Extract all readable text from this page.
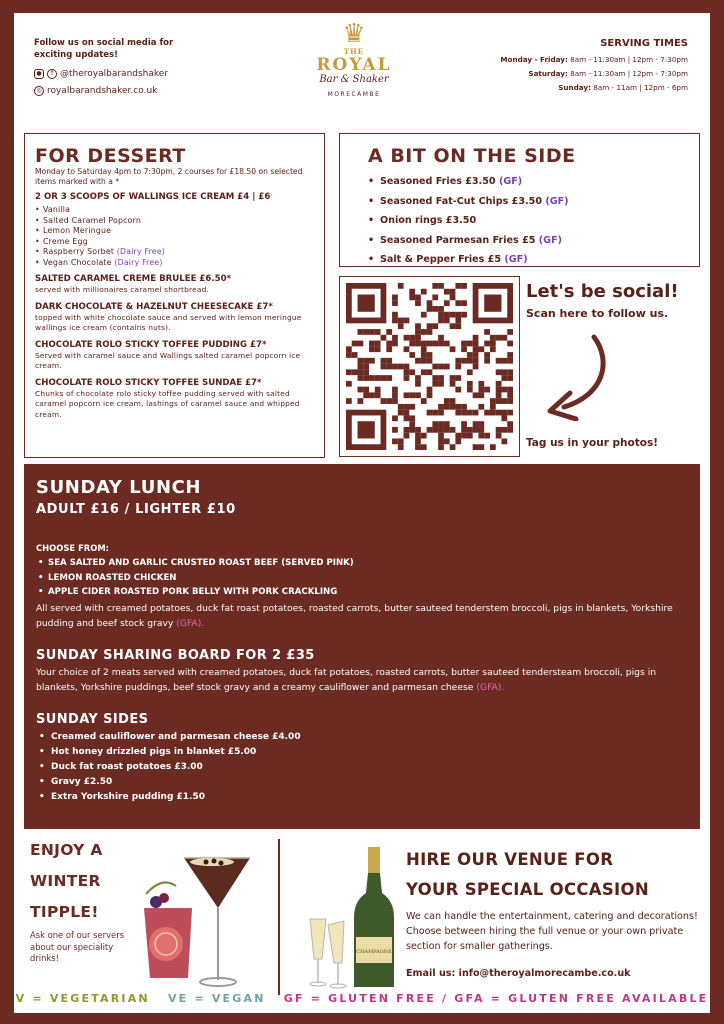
Follow us on social media for exciting updates!
●	f @theroyalbarandshaker
◎ royalbarandshaker.co.uk
♛
THE
ROYAL
Bar & Shaker
MORECAMBE
SERVING TIMES
Monday - Friday: 8am - 11:30am | 12pm - 7:30pm
Saturday: 8am - 11:30am | 12pm - 7:30pm
Sunday: 8am - 11am | 12pm - 6pm
FOR DESSERT
Monday to Saturday 4pm to 7:30pm, 2 courses for £18.50 on selected items marked with a *
2 OR 3 SCOOPS OF WALLINGS ICE CREAM £4 | £6
• Vanilla
• Salted Caramel Popcorn
• Lemon Meringue
• Creme Egg
• Raspberry Sorbet (Dairy Free)
• Vegan Chocolate (Dairy Free)
SALTED CARAMEL CREME BRULEE £6.50*
served with millionaires caramel shortbread.
DARK CHOCOLATE & HAZELNUT CHEESECAKE £7*
topped with white chocolate sauce and served with lemon meringue wallings ice cream (contains nuts).
CHOCOLATE ROLO STICKY TOFFEE PUDDING £7*
Served with caramel sauce and Wallings salted caramel popcorn ice cream.
CHOCOLATE ROLO STICKY TOFFEE SUNDAE £7*
Chunks of chocolate rolo sticky toffee pudding served with salted caramel popcorn ice cream, lashings of caramel sauce and whipped cream.
A BIT ON THE SIDE
• Seasoned Fries £3.50 (GF)
• Seasoned Fat-Cut Chips £3.50 (GF)
• Onion rings £3.50
• Seasoned Parmesan Fries £5 (GF)
• Salt & Pepper Fries £5 (GF)
Let's be social!
Scan here to follow us.
Tag us in your photos!
SUNDAY LUNCH
ADULT £16 / LIGHTER £10
CHOOSE FROM:
• SEA SALTED AND GARLIC CRUSTED ROAST BEEF (SERVED PINK)
• LEMON ROASTED CHICKEN
• APPLE CIDER ROASTED PORK BELLY WITH PORK CRACKLING
All served with creamed potatoes, duck fat roast potatoes, roasted carrots, butter sauteed tenderstem broccoli, pigs in blankets, Yorkshire pudding and beef stock gravy (GFA).
SUNDAY SHARING BOARD FOR 2 £35
Your choice of 2 meats served with creamed potatoes, duck fat potatoes, roasted carrots, butter sauteed tendersteam broccoli, pigs in blankets, Yorkshire puddings, beef stock gravy and a creamy cauliflower and parmesan cheese (GFA).
SUNDAY SIDES
• Creamed cauliflower and parmesan cheese £4.00
• Hot honey drizzled pigs in blanket £5.00
• Duck fat roast potatoes £3.00
• Gravy £2.50
• Extra Yorkshire pudding £1.50
ENJOY A
WINTER
TIPPLE!
Ask one of our servers about our speciality drinks!
CHAMPAGNE
HIRE OUR VENUE FOR
YOUR SPECIAL OCCASION
We can handle the entertainment, catering and decorations! Choose between hiring the full venue or your own private section for smaller gatherings.
Email us: info@theroyalmorecambe.co.uk
V = VEGETARIAN VE = VEGAN GF = GLUTEN FREE / GFA = GLUTEN FREE AVAILABLE
